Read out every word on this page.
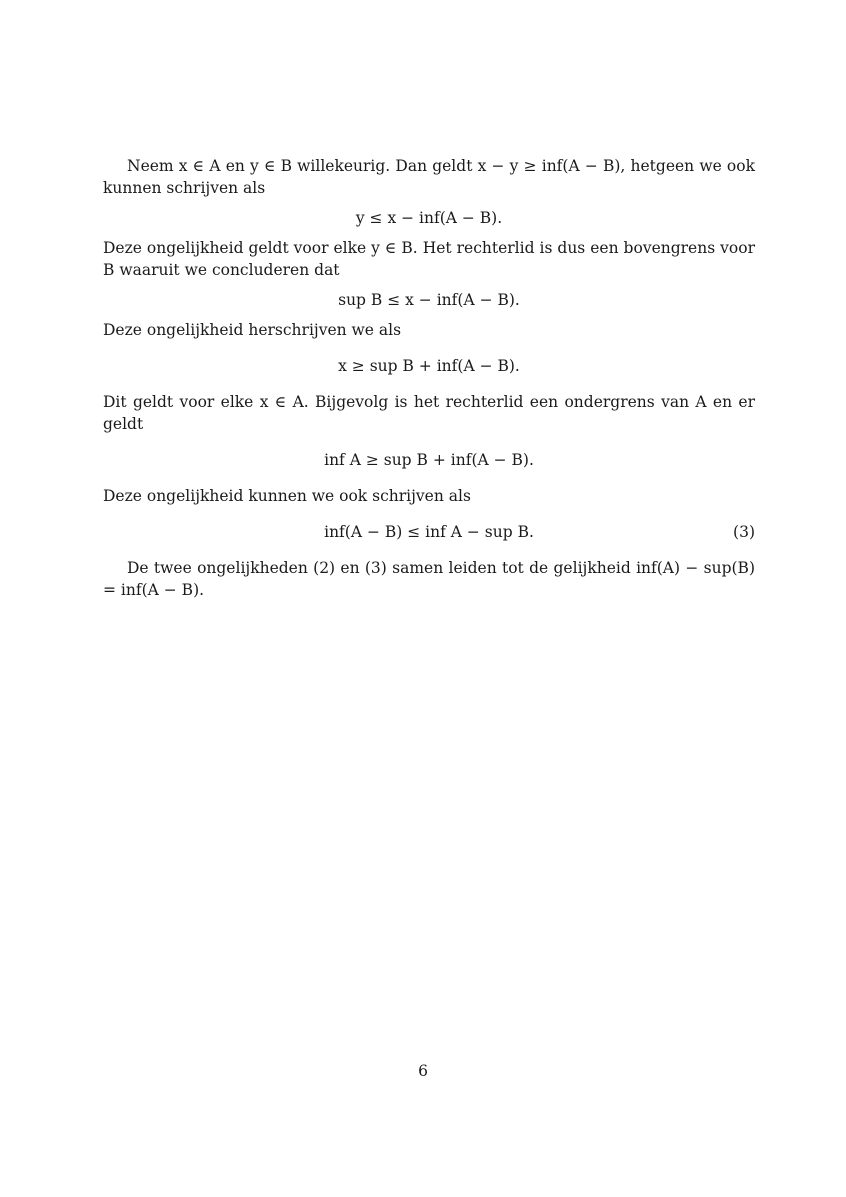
Neem x ∈ A en y ∈ B willekeurig. Dan geldt x − y ≥ inf(A − B), hetgeen we ook kunnen schrijven als

y ≤ x − inf(A − B).

Deze ongelijkheid geldt voor elke y ∈ B. Het rechterlid is dus een bovengrens voor B waaruit we concluderen dat

sup B ≤ x − inf(A − B).

Deze ongelijkheid herschrijven we als

x ≥ sup B + inf(A − B).

Dit geldt voor elke x ∈ A. Bijgevolg is het rechterlid een ondergrens van A en er geldt

inf A ≥ sup B + inf(A − B).

Deze ongelijkheid kunnen we ook schrijven als

inf(A − B) ≤ inf A − sup B.	(3)

De twee ongelijkheden (2) en (3) samen leiden tot de gelijkheid inf(A) − sup(B) = inf(A − B).

6
